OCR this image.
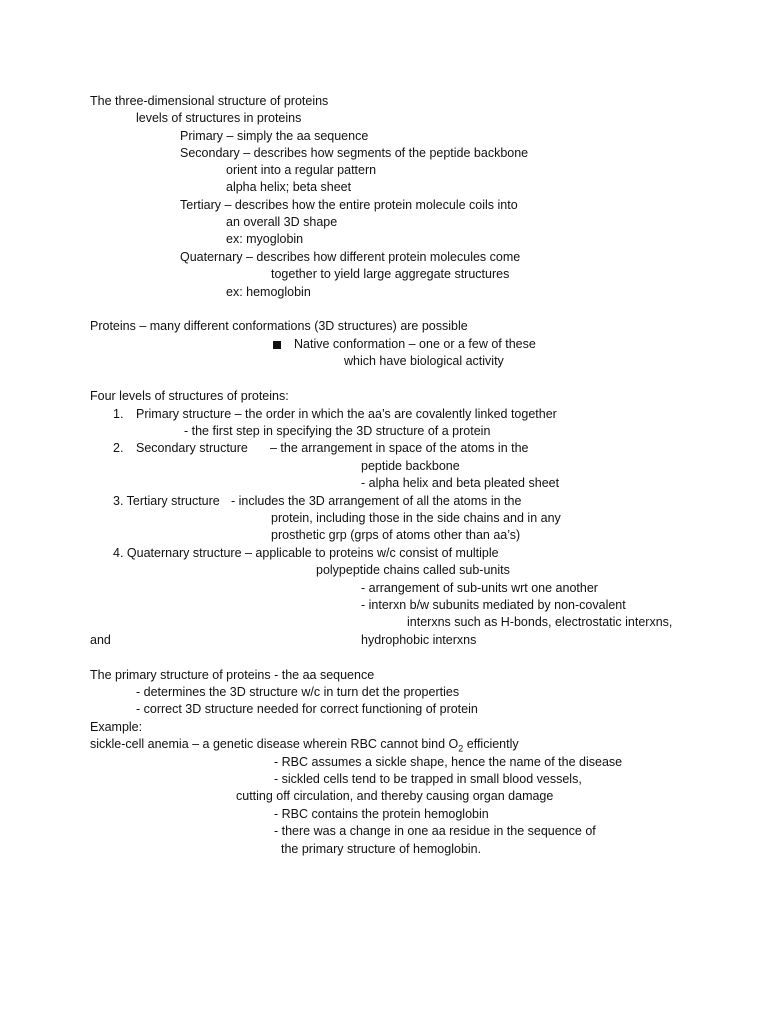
The three-dimensional structure of proteins
levels of structures in proteins
Primary – simply the aa sequence
Secondary – describes how segments of the peptide backbone
orient into a regular pattern
alpha helix; beta sheet
Tertiary – describes how the entire protein molecule coils into
an overall 3D shape
ex: myoglobin
Quaternary – describes how different protein molecules come
together to yield large aggregate structures
ex: hemoglobin
Proteins – many different conformations (3D structures) are possible
Native conformation – one or a few of these
which have biological activity
Four levels of structures of proteins:
1. Primary structure – the order in which the aa’s are covalently linked together
- the first step in specifying the 3D structure of a protein
2. Secondary structure – the arrangement in space of the atoms in the
peptide backbone
- alpha helix and beta pleated sheet
3. Tertiary structure - includes the 3D arrangement of all the atoms in the
protein, including those in the side chains and in any
prosthetic grp (grps of atoms other than aa’s)
4. Quaternary structure – applicable to proteins w/c consist of multiple
polypeptide chains called sub-units
- arrangement of sub-units wrt one another
- interxn b/w subunits mediated by non-covalent
interxns such as H-bonds, electrostatic interxns,
and	hydrophobic interxns
The primary structure of proteins - the aa sequence
- determines the 3D structure w/c in turn det the properties
- correct 3D structure needed for correct functioning of protein
Example:
sickle-cell anemia – a genetic disease wherein RBC cannot bind $O_2$ efficiently
- RBC assumes a sickle shape, hence the name of the disease
- sickled cells tend to be trapped in small blood vessels,
cutting off circulation, and thereby causing organ damage
- RBC contains the protein hemoglobin
- there was a change in one aa residue in the sequence of
the primary structure of hemoglobin.
